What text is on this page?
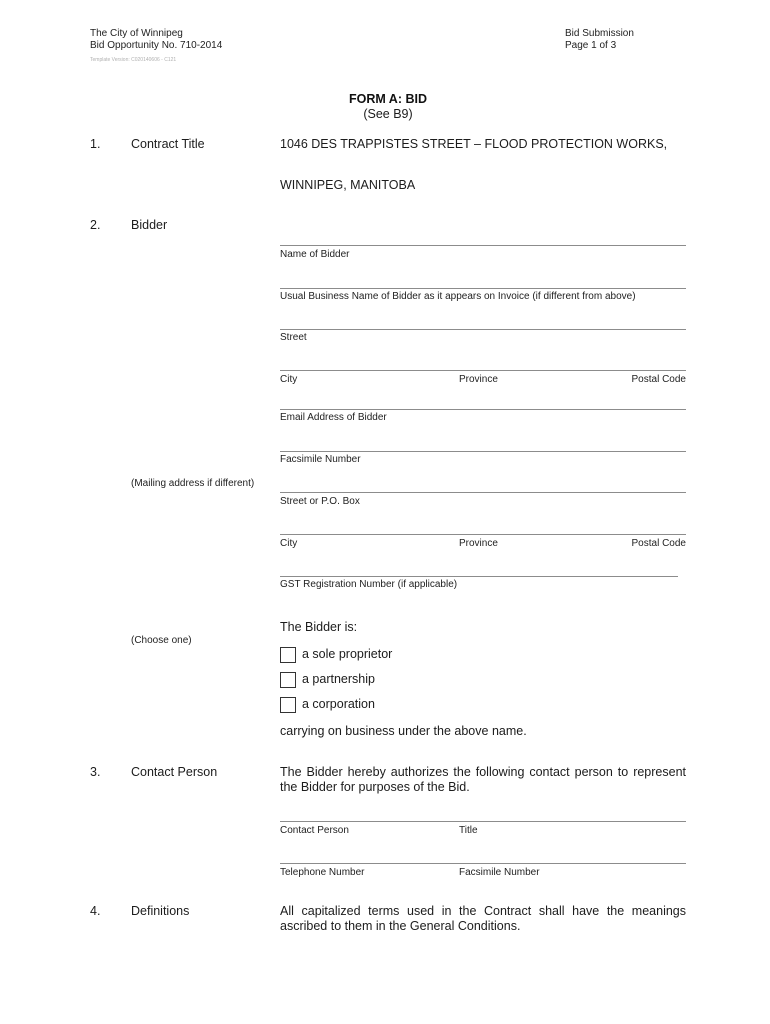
The City of Winnipeg
Bid Opportunity No. 710-2014
Template Version: C020140606 - C121
Bid Submission
Page 1 of 3
FORM A: BID
(See B9)
1. Contract Title	1046 DES TRAPPISTES STREET – FLOOD PROTECTION WORKS,
WINNIPEG, MANITOBA
2. Bidder
Name of Bidder
Usual Business Name of Bidder as it appears on Invoice (if different from above)
Street
City	Province	Postal Code
Email Address of Bidder
Facsimile Number
(Mailing address if different)
Street or P.O. Box
City	Province	Postal Code
GST Registration Number (if applicable)
The Bidder is:
(Choose one)
a sole proprietor
a partnership
a corporation
carrying on business under the above name.
3. Contact Person	The Bidder hereby authorizes the following contact person to represent
the Bidder for purposes of the Bid.
Contact Person	Title
Telephone Number	Facsimile Number
4. Definitions	All capitalized terms used in the Contract shall have the meanings
ascribed to them in the General Conditions.
